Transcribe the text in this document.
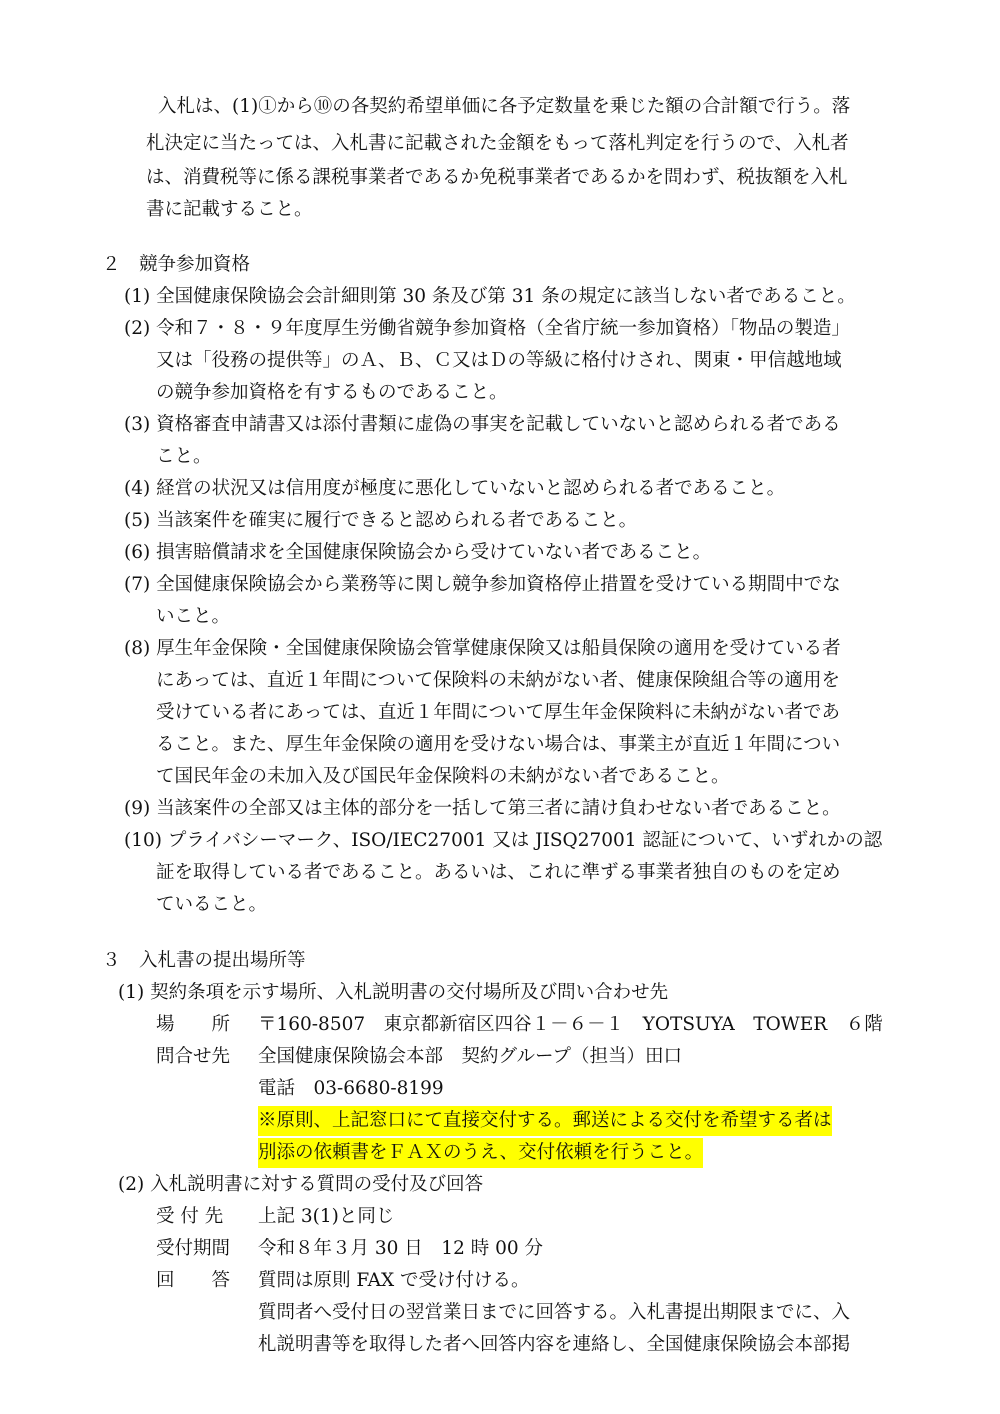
入札は、(1)①から⑩の各契約希望単価に各予定数量を乗じた額の合計額で行う。落
札決定に当たっては、入札書に記載された金額をもって落札判定を行うので、入札者
は、消費税等に係る課税事業者であるか免税事業者であるかを問わず、税抜額を入札
書に記載すること。
２　競争参加資格
(1) 全国健康保険協会会計細則第 30 条及び第 31 条の規定に該当しない者であること。
(2) 令和７・８・９年度厚生労働省競争参加資格（全省庁統一参加資格）「物品の製造」
又は「役務の提供等」のＡ、Ｂ、Ｃ又はＤの等級に格付けされ、関東・甲信越地域
の競争参加資格を有するものであること。
(3) 資格審査申請書又は添付書類に虚偽の事実を記載していないと認められる者である
こと。
(4) 経営の状況又は信用度が極度に悪化していないと認められる者であること。
(5) 当該案件を確実に履行できると認められる者であること。
(6) 損害賠償請求を全国健康保険協会から受けていない者であること。
(7) 全国健康保険協会から業務等に関し競争参加資格停止措置を受けている期間中でな
いこと。
(8) 厚生年金保険・全国健康保険協会管掌健康保険又は船員保険の適用を受けている者
にあっては、直近１年間について保険料の未納がない者、健康保険組合等の適用を
受けている者にあっては、直近１年間について厚生年金保険料に未納がない者であ
ること。また、厚生年金保険の適用を受けない場合は、事業主が直近１年間につい
て国民年金の未加入及び国民年金保険料の未納がない者であること。
(9) 当該案件の全部又は主体的部分を一括して第三者に請け負わせない者であること。
(10) プライバシーマーク、ISO/IEC27001 又は JISQ27001 認証について、いずれかの認
証を取得している者であること。あるいは、これに準ずる事業者独自のものを定め
ていること。
３　入札書の提出場所等
(1) 契約条項を示す場所、入札説明書の交付場所及び問い合わせ先
場　　所 〒160-8507　東京都新宿区四谷１－６－１　YOTSUYA　TOWER　６階
問合せ先 全国健康保険協会本部　契約グループ（担当）田口
電話　03-6680-8199
※原則、上記窓口にて直接交付する。郵送による交付を希望する者は
別添の依頼書をＦＡＸのうえ、交付依頼を行うこと。
(2) 入札説明書に対する質問の受付及び回答
受 付 先 上記 3(1)と同じ
受付期間 令和８年３月 30 日　12 時 00 分
回　　答 質問は原則 FAX で受け付ける。
質問者へ受付日の翌営業日までに回答する。入札書提出期限までに、入
札説明書等を取得した者へ回答内容を連絡し、全国健康保険協会本部掲
